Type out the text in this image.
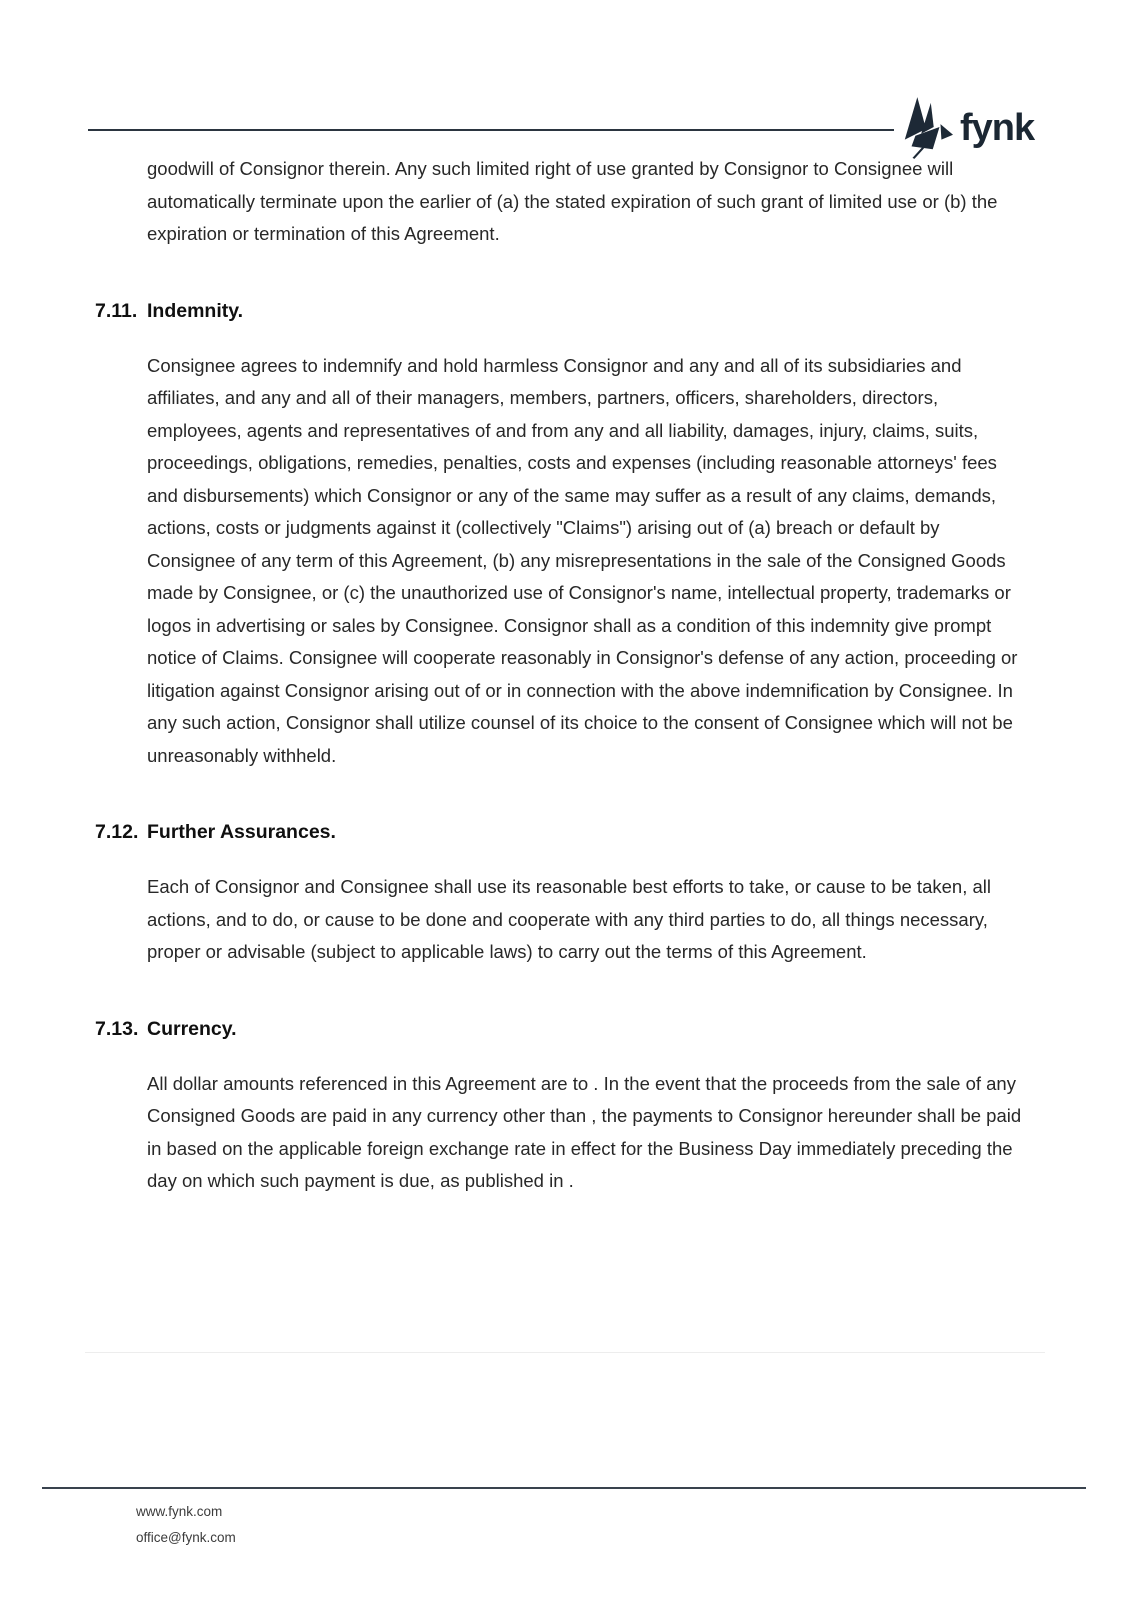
fynk

goodwill of Consignor therein. Any such limited right of use granted by Consignor to Consignee will automatically terminate upon the earlier of (a) the stated expiration of such grant of limited use or (b) the expiration or termination of this Agreement.

7.11. Indemnity.

Consignee agrees to indemnify and hold harmless Consignor and any and all of its subsidiaries and affiliates, and any and all of their managers, members, partners, officers, shareholders, directors, employees, agents and representatives of and from any and all liability, damages, injury, claims, suits, proceedings, obligations, remedies, penalties, costs and expenses (including reasonable attorneys' fees and disbursements) which Consignor or any of the same may suffer as a result of any claims, demands, actions, costs or judgments against it (collectively "Claims") arising out of (a) breach or default by Consignee of any term of this Agreement, (b) any misrepresentations in the sale of the Consigned Goods made by Consignee, or (c) the unauthorized use of Consignor's name, intellectual property, trademarks or logos in advertising or sales by Consignee. Consignor shall as a condition of this indemnity give prompt notice of Claims. Consignee will cooperate reasonably in Consignor's defense of any action, proceeding or litigation against Consignor arising out of or in connection with the above indemnification by Consignee. In any such action, Consignor shall utilize counsel of its choice to the consent of Consignee which will not be unreasonably withheld.

7.12. Further Assurances.

Each of Consignor and Consignee shall use its reasonable best efforts to take, or cause to be taken, all actions, and to do, or cause to be done and cooperate with any third parties to do, all things necessary, proper or advisable (subject to applicable laws) to carry out the terms of this Agreement.

7.13. Currency.

All dollar amounts referenced in this Agreement are to . In the event that the proceeds from the sale of any Consigned Goods are paid in any currency other than , the payments to Consignor hereunder shall be paid in based on the applicable foreign exchange rate in effect for the Business Day immediately preceding the day on which such payment is due, as published in .

www.fynk.com
office@fynk.com
